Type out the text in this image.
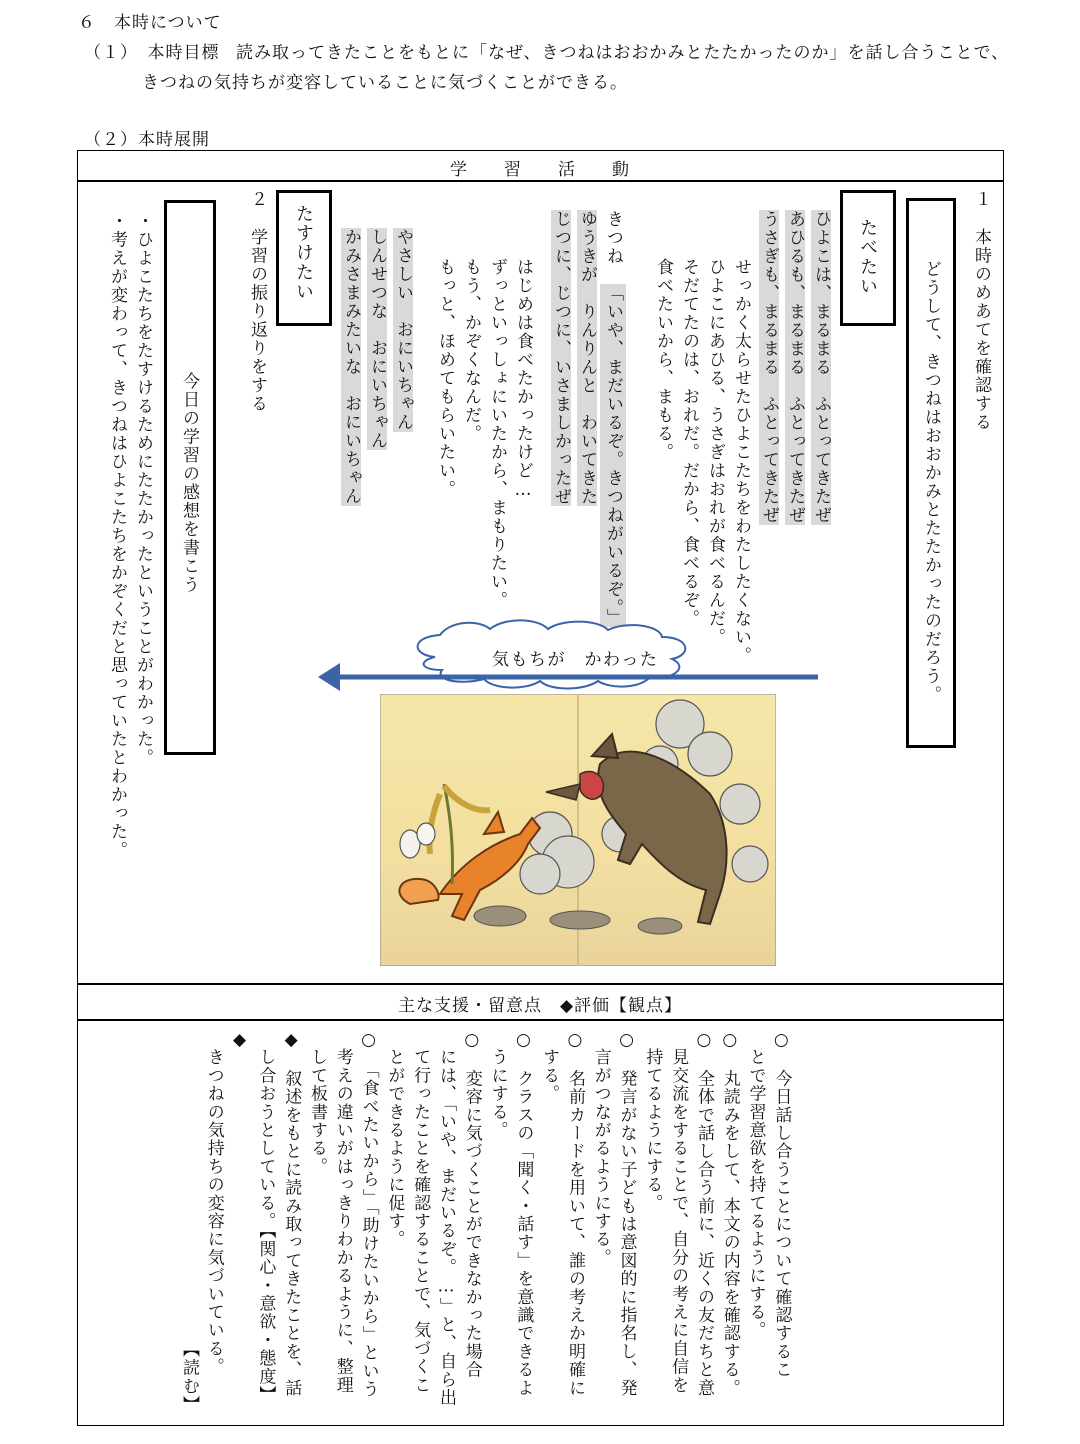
６　本時について
（１）　本時目標 読み取ってきたことをもとに「なぜ、きつねはおおかみとたたかったのか」を話し合うことで、
きつねの気持ちが変容していることに気づくことができる。
（２）本時展開
学　　習　　活　　動
１
本時のめあてを確認する
どうして、きつねはおおかみとたたかったのだろう。
たべたい
ひよこは、まるまる　ふとってきたぜ
あひるも、まるまる　ふとってきたぜ
うさぎも、まるまる　ふとってきたぜ
せっかく太らせたひよこたちをわたしたくない。
ひよこにあひる、うさぎはおれが食べるんだ。
そだてたのは、おれだ。だから、食べるぞ。
食べたいから、まもる。
きつね
「いや、まだいるぞ。きつねがいるぞ。」
ゆうきが　りんりんと　わいてきた
じつに、じつに、いさましかったぜ
はじめは食べたかったけど…
ずっといっしょにいたから、まもりたい。
もう、かぞくなんだ。
もっと、ほめてもらいたい。
やさしい　おにいちゃん
しんせつな　おにいちゃん
かみさまみたいな　おにいちゃん
たすけたい
２
学習の振り返りをする
今日の学習の感想を書こう
・ひよこたちをたすけるためにたたかったということがわかった。
・考えが変わって、きつねはひよこたちをかぞくだと思っていたとわかった。	気もちが　かわった
主な支援・留意点　◆評価【観点】
○　今日話し合うことについて確認するこ
　とで学習意欲を持てるようにする。
○　丸読みをして、本文の内容を確認する。
○　全体で話し合う前に、近くの友だちと意
　見交流をすることで、自分の考えに自信を
　持てるようにする。
○　発言がない子どもは意図的に指名し、発
　言がつながるようにする。
○　名前カードを用いて、誰の考えか明確に
　する。
○　クラスの「聞く・話す」を意識できるよ
　うにする。
○　変容に気づくことができなかった場合
　には、「いや、まだいるぞ。…」と、自ら出
　て行ったことを確認することで、気づくこ
　とができるように促す。
○　「食べたいから」「助けたいから」という
　考えの違いがはっきりわかるように、整理
　して板書する。
◆　叙述をもとに読み取ってきたことを、話
　し合おうとしている。【関心・意欲・態度】
◆
　きつねの気持ちの変容に気づいている。
【読む】
